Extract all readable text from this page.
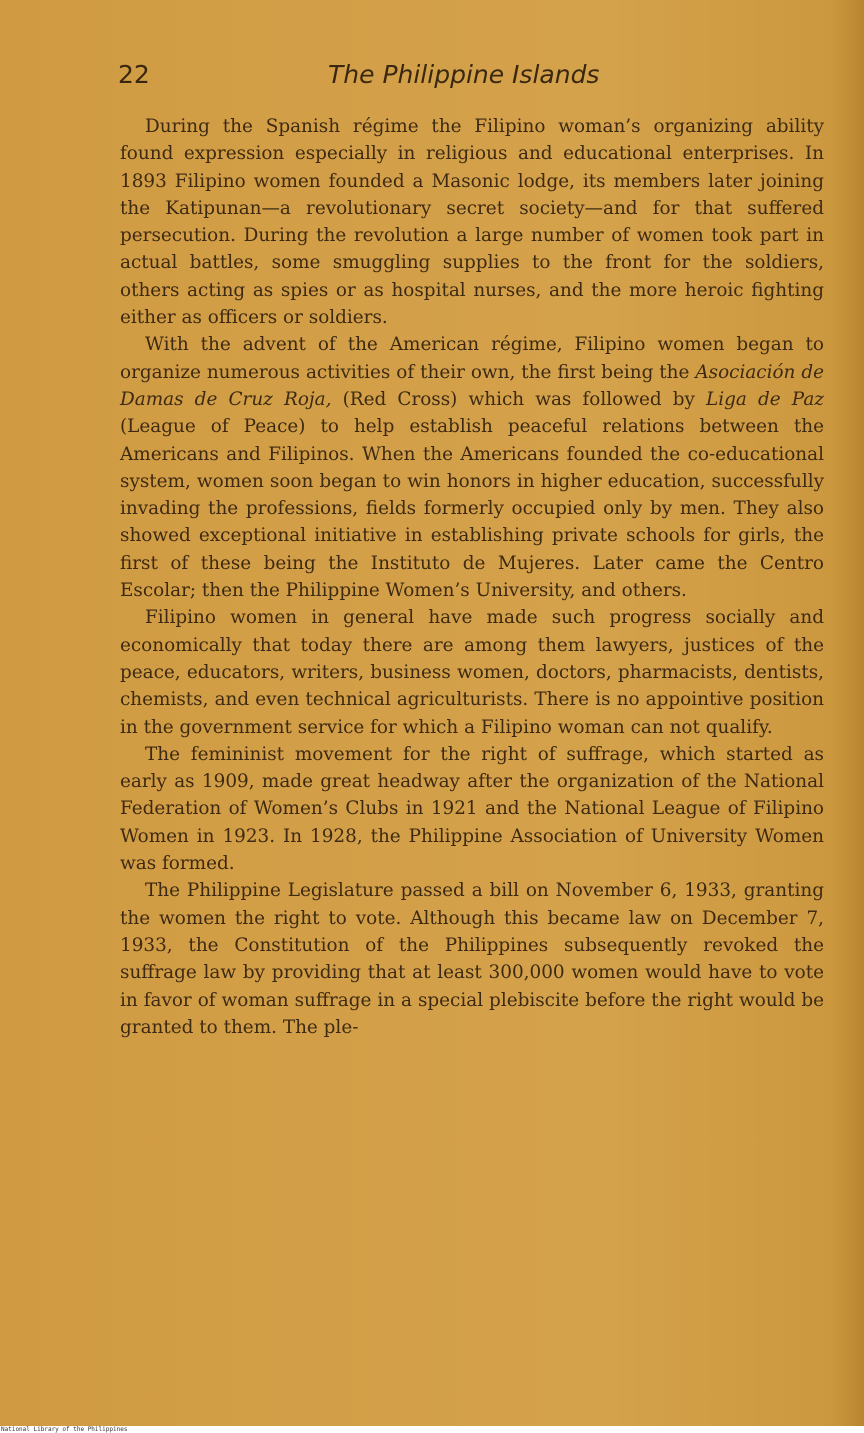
22	The Philippine Islands

During the Spanish régime the Filipino woman’s organizing ability found expression especially in religious and educational enterprises. In 1893 Filipino women founded a Masonic lodge, its members later joining the Katipunan—a revolutionary secret society—and for that suffered persecution. During the revolution a large number of women took part in actual battles, some smuggling supplies to the front for the soldiers, others acting as spies or as hospital nurses, and the more heroic fighting either as officers or soldiers.

With the advent of the American régime, Filipino women began to organize numerous activities of their own, the first being the Asociación de Damas de Cruz Roja, (Red Cross) which was followed by Liga de Paz (League of Peace) to help establish peaceful relations between the Americans and Filipinos. When the Americans founded the co-educational system, women soon began to win honors in higher education, successfully invading the professions, fields formerly occupied only by men. They also showed exceptional initiative in establishing private schools for girls, the first of these being the Instituto de Mujeres. Later came the Centro Escolar; then the Philippine Women’s University, and others.

Filipino women in general have made such progress socially and economically that today there are among them lawyers, justices of the peace, educators, writers, business women, doctors, pharmacists, dentists, chemists, and even technical agriculturists. There is no appointive position in the government service for which a Filipino woman can not qualify.

The femininist movement for the right of suffrage, which started as early as 1909, made great headway after the organization of the National Federation of Women’s Clubs in 1921 and the National League of Filipino Women in 1923. In 1928, the Philippine Association of University Women was formed.

The Philippine Legislature passed a bill on November 6, 1933, granting the women the right to vote. Although this became law on December 7, 1933, the Constitution of the Philippines subsequently revoked the suffrage law by providing that at least 300,000 women would have to vote in favor of woman suffrage in a special plebiscite before the right would be granted to them. The ple-

National Library of the Philippines
